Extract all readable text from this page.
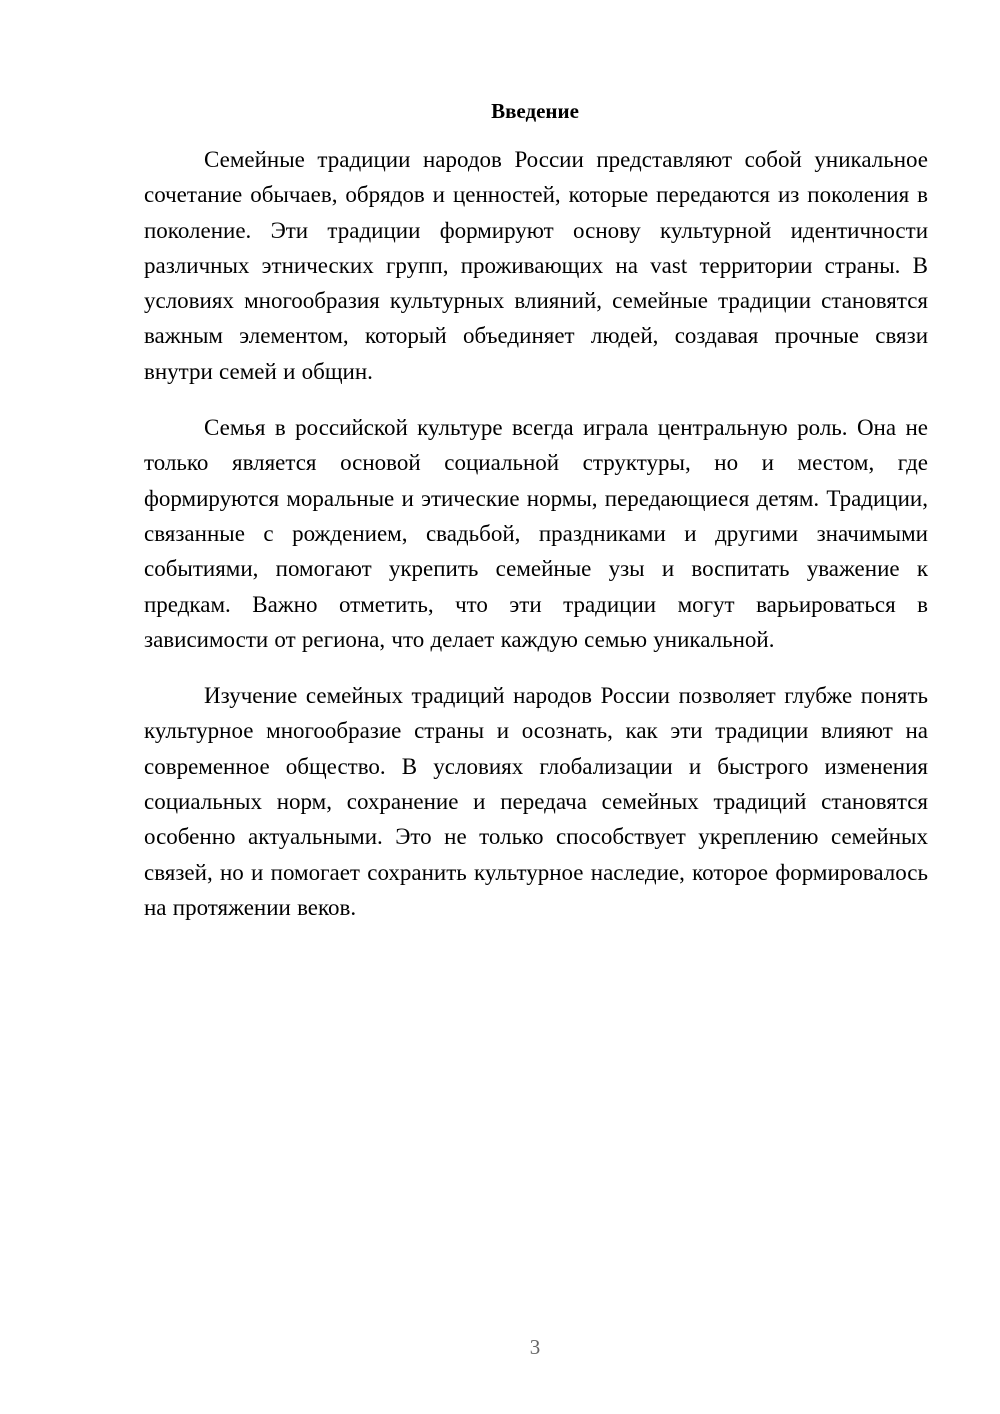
Введение

Семейные традиции народов России представляют собой уникальное сочетание обычаев, обрядов и ценностей, которые передаются из поколения в поколение. Эти традиции формируют основу культурной идентичности различных этнических групп, проживающих на vast территории страны. В условиях многообразия культурных влияний, семейные традиции становятся важным элементом, который объединяет людей, создавая прочные связи внутри семей и общин.

Семья в российской культуре всегда играла центральную роль. Она не только является основой социальной структуры, но и местом, где формируются моральные и этические нормы, передающиеся детям. Традиции, связанные с рождением, свадьбой, праздниками и другими значимыми событиями, помогают укрепить семейные узы и воспитать уважение к предкам. Важно отметить, что эти традиции могут варьироваться в зависимости от региона, что делает каждую семью уникальной.

Изучение семейных традиций народов России позволяет глубже понять культурное многообразие страны и осознать, как эти традиции влияют на современное общество. В условиях глобализации и быстрого изменения социальных норм, сохранение и передача семейных традиций становятся особенно актуальными. Это не только способствует укреплению семейных связей, но и помогает сохранить культурное наследие, которое формировалось на протяжении веков.

3
